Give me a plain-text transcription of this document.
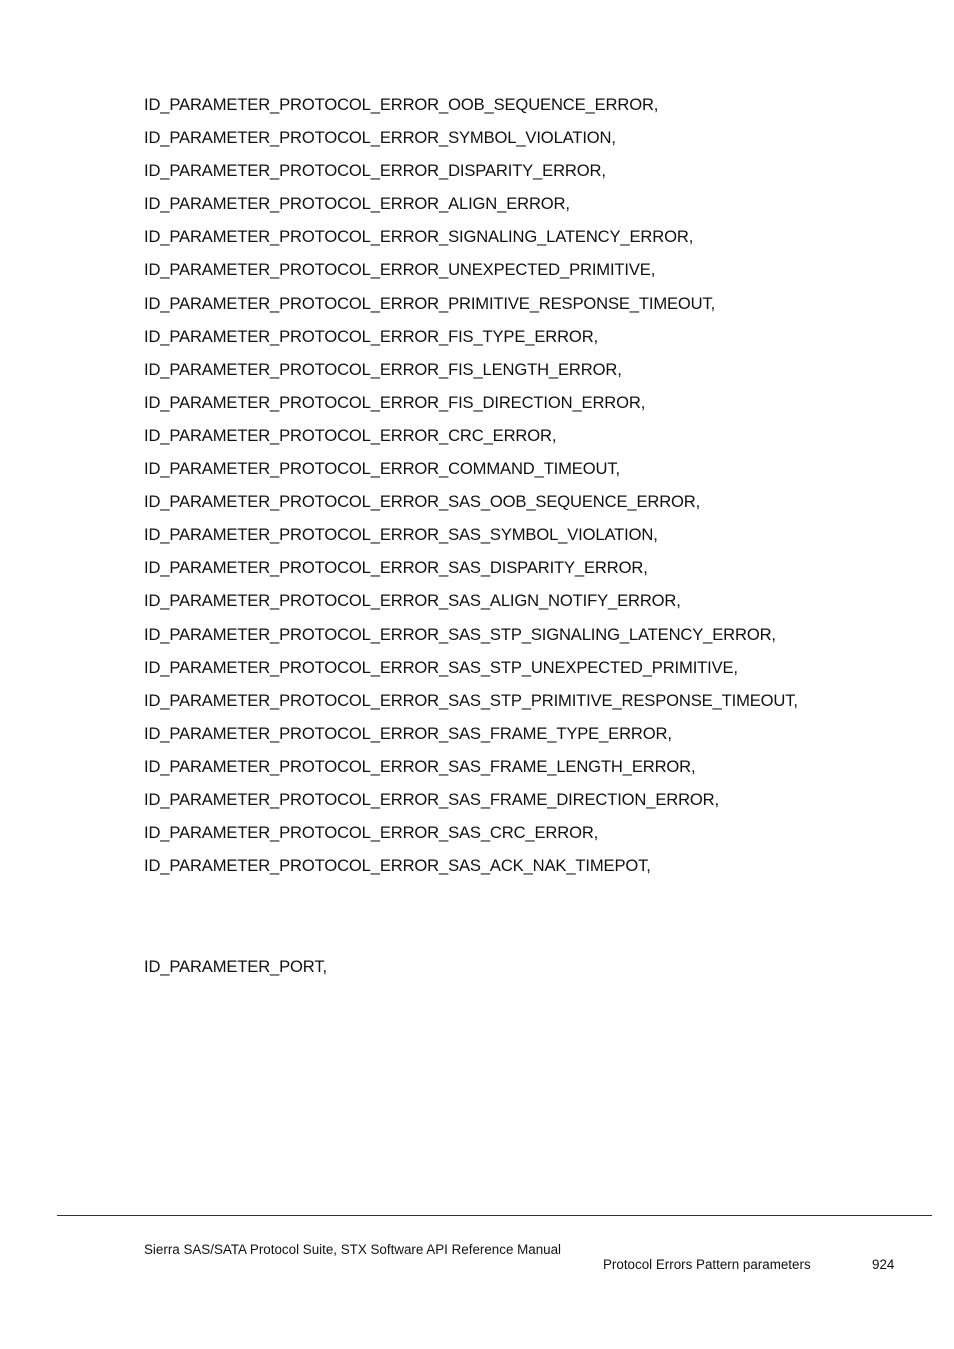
ID_PARAMETER_PROTOCOL_ERROR_OOB_SEQUENCE_ERROR,
ID_PARAMETER_PROTOCOL_ERROR_SYMBOL_VIOLATION,
ID_PARAMETER_PROTOCOL_ERROR_DISPARITY_ERROR,
ID_PARAMETER_PROTOCOL_ERROR_ALIGN_ERROR,
ID_PARAMETER_PROTOCOL_ERROR_SIGNALING_LATENCY_ERROR,
ID_PARAMETER_PROTOCOL_ERROR_UNEXPECTED_PRIMITIVE,
ID_PARAMETER_PROTOCOL_ERROR_PRIMITIVE_RESPONSE_TIMEOUT,
ID_PARAMETER_PROTOCOL_ERROR_FIS_TYPE_ERROR,
ID_PARAMETER_PROTOCOL_ERROR_FIS_LENGTH_ERROR,
ID_PARAMETER_PROTOCOL_ERROR_FIS_DIRECTION_ERROR,
ID_PARAMETER_PROTOCOL_ERROR_CRC_ERROR,
ID_PARAMETER_PROTOCOL_ERROR_COMMAND_TIMEOUT,
ID_PARAMETER_PROTOCOL_ERROR_SAS_OOB_SEQUENCE_ERROR,
ID_PARAMETER_PROTOCOL_ERROR_SAS_SYMBOL_VIOLATION,
ID_PARAMETER_PROTOCOL_ERROR_SAS_DISPARITY_ERROR,
ID_PARAMETER_PROTOCOL_ERROR_SAS_ALIGN_NOTIFY_ERROR,
ID_PARAMETER_PROTOCOL_ERROR_SAS_STP_SIGNALING_LATENCY_ERROR,
ID_PARAMETER_PROTOCOL_ERROR_SAS_STP_UNEXPECTED_PRIMITIVE,
ID_PARAMETER_PROTOCOL_ERROR_SAS_STP_PRIMITIVE_RESPONSE_TIMEOUT,
ID_PARAMETER_PROTOCOL_ERROR_SAS_FRAME_TYPE_ERROR,
ID_PARAMETER_PROTOCOL_ERROR_SAS_FRAME_LENGTH_ERROR,
ID_PARAMETER_PROTOCOL_ERROR_SAS_FRAME_DIRECTION_ERROR,
ID_PARAMETER_PROTOCOL_ERROR_SAS_CRC_ERROR,
ID_PARAMETER_PROTOCOL_ERROR_SAS_ACK_NAK_TIMEPOT,
ID_PARAMETER_PORT,
Sierra SAS/SATA Protocol Suite, STX Software API Reference Manual
Protocol Errors Pattern parameters	924
